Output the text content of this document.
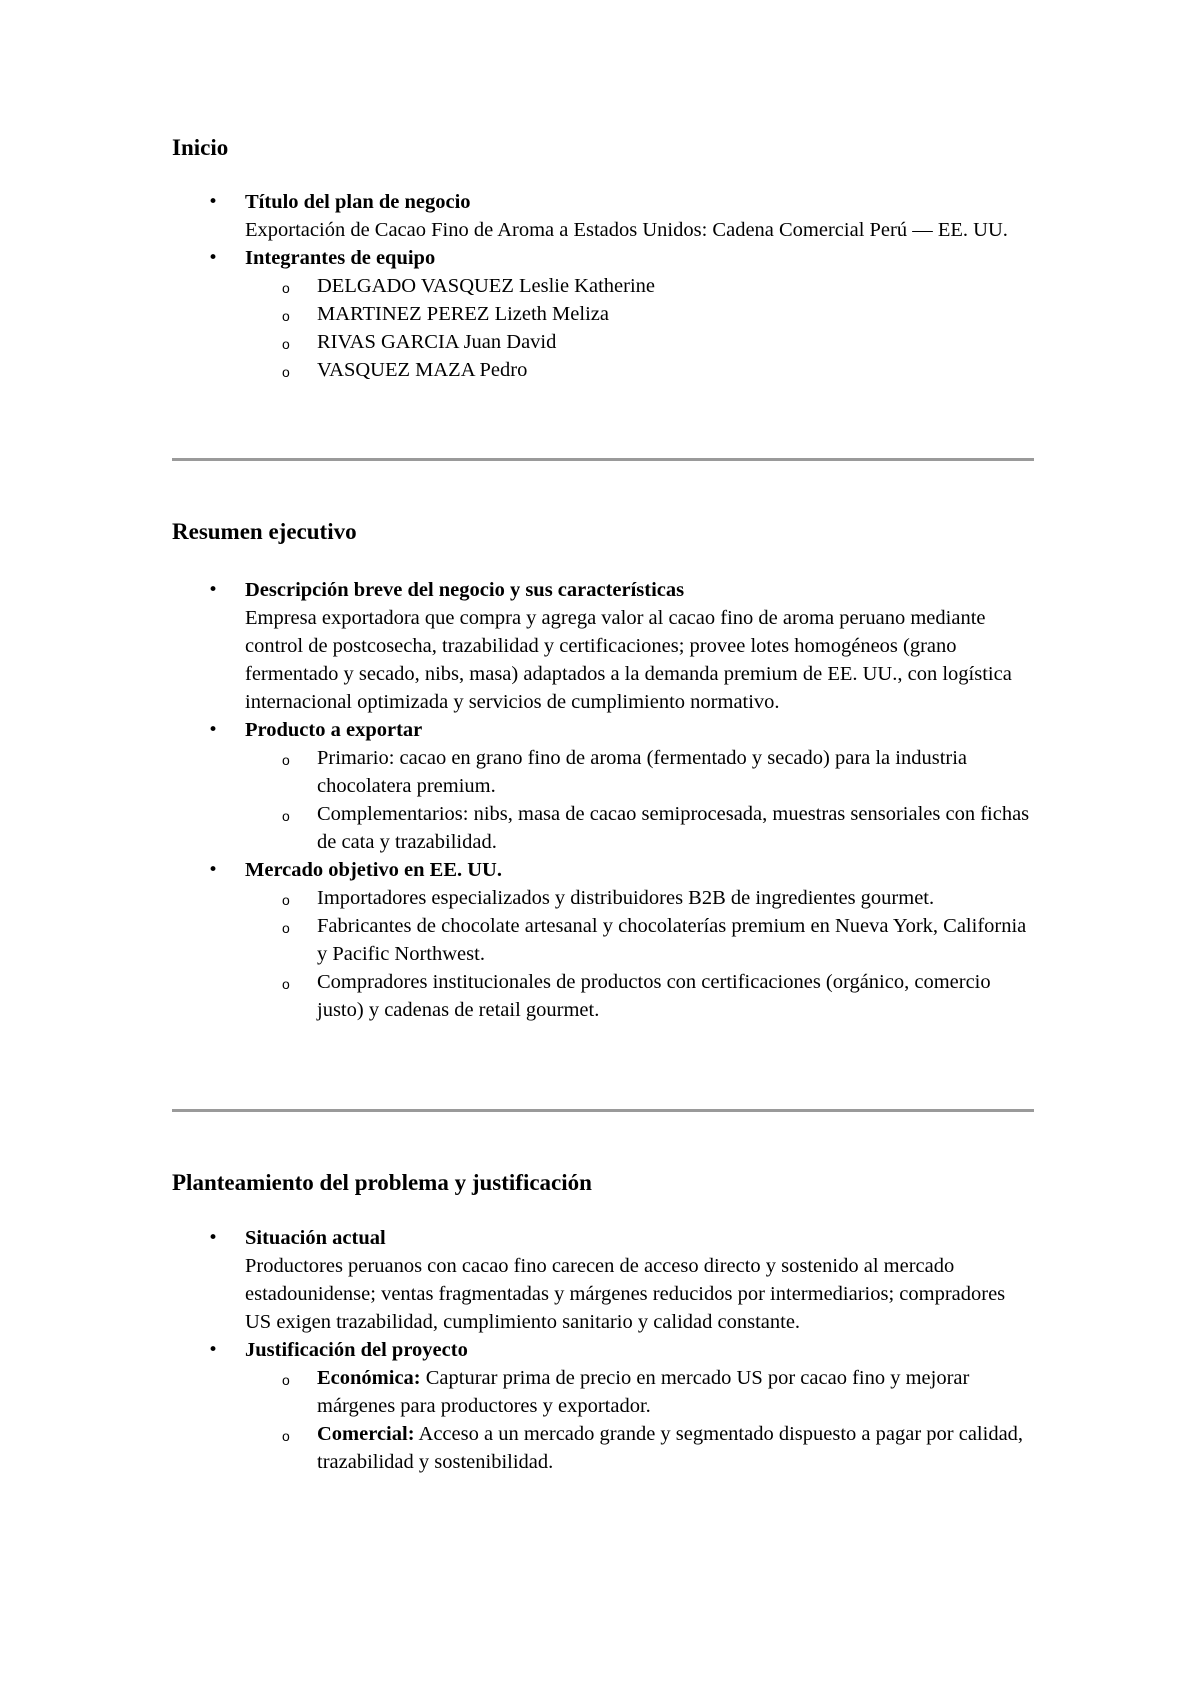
Inicio
• Título del plan de negocio
Exportación de Cacao Fino de Aroma a Estados Unidos: Cadena Comercial Perú — EE. UU.
• Integrantes de equipo
o DELGADO VASQUEZ Leslie Katherine
o MARTINEZ PEREZ Lizeth Meliza
o RIVAS GARCIA Juan David
o VASQUEZ MAZA Pedro
Resumen ejecutivo
• Descripción breve del negocio y sus características
Empresa exportadora que compra y agrega valor al cacao fino de aroma peruano mediante control de postcosecha, trazabilidad y certificaciones; provee lotes homogéneos (grano fermentado y secado, nibs, masa) adaptados a la demanda premium de EE. UU., con logística internacional optimizada y servicios de cumplimiento normativo.
• Producto a exportar
o Primario: cacao en grano fino de aroma (fermentado y secado) para la industria chocolatera premium.
o Complementarios: nibs, masa de cacao semiprocesada, muestras sensoriales con fichas de cata y trazabilidad.
• Mercado objetivo en EE. UU.
o Importadores especializados y distribuidores B2B de ingredientes gourmet.
o Fabricantes de chocolate artesanal y chocolaterías premium en Nueva York, California y Pacific Northwest.
o Compradores institucionales de productos con certificaciones (orgánico, comercio justo) y cadenas de retail gourmet.
Planteamiento del problema y justificación
• Situación actual
Productores peruanos con cacao fino carecen de acceso directo y sostenido al mercado estadounidense; ventas fragmentadas y márgenes reducidos por intermediarios; compradores US exigen trazabilidad, cumplimiento sanitario y calidad constante.
• Justificación del proyecto
o Económica: Capturar prima de precio en mercado US por cacao fino y mejorar márgenes para productores y exportador.
o Comercial: Acceso a un mercado grande y segmentado dispuesto a pagar por calidad, trazabilidad y sostenibilidad.
